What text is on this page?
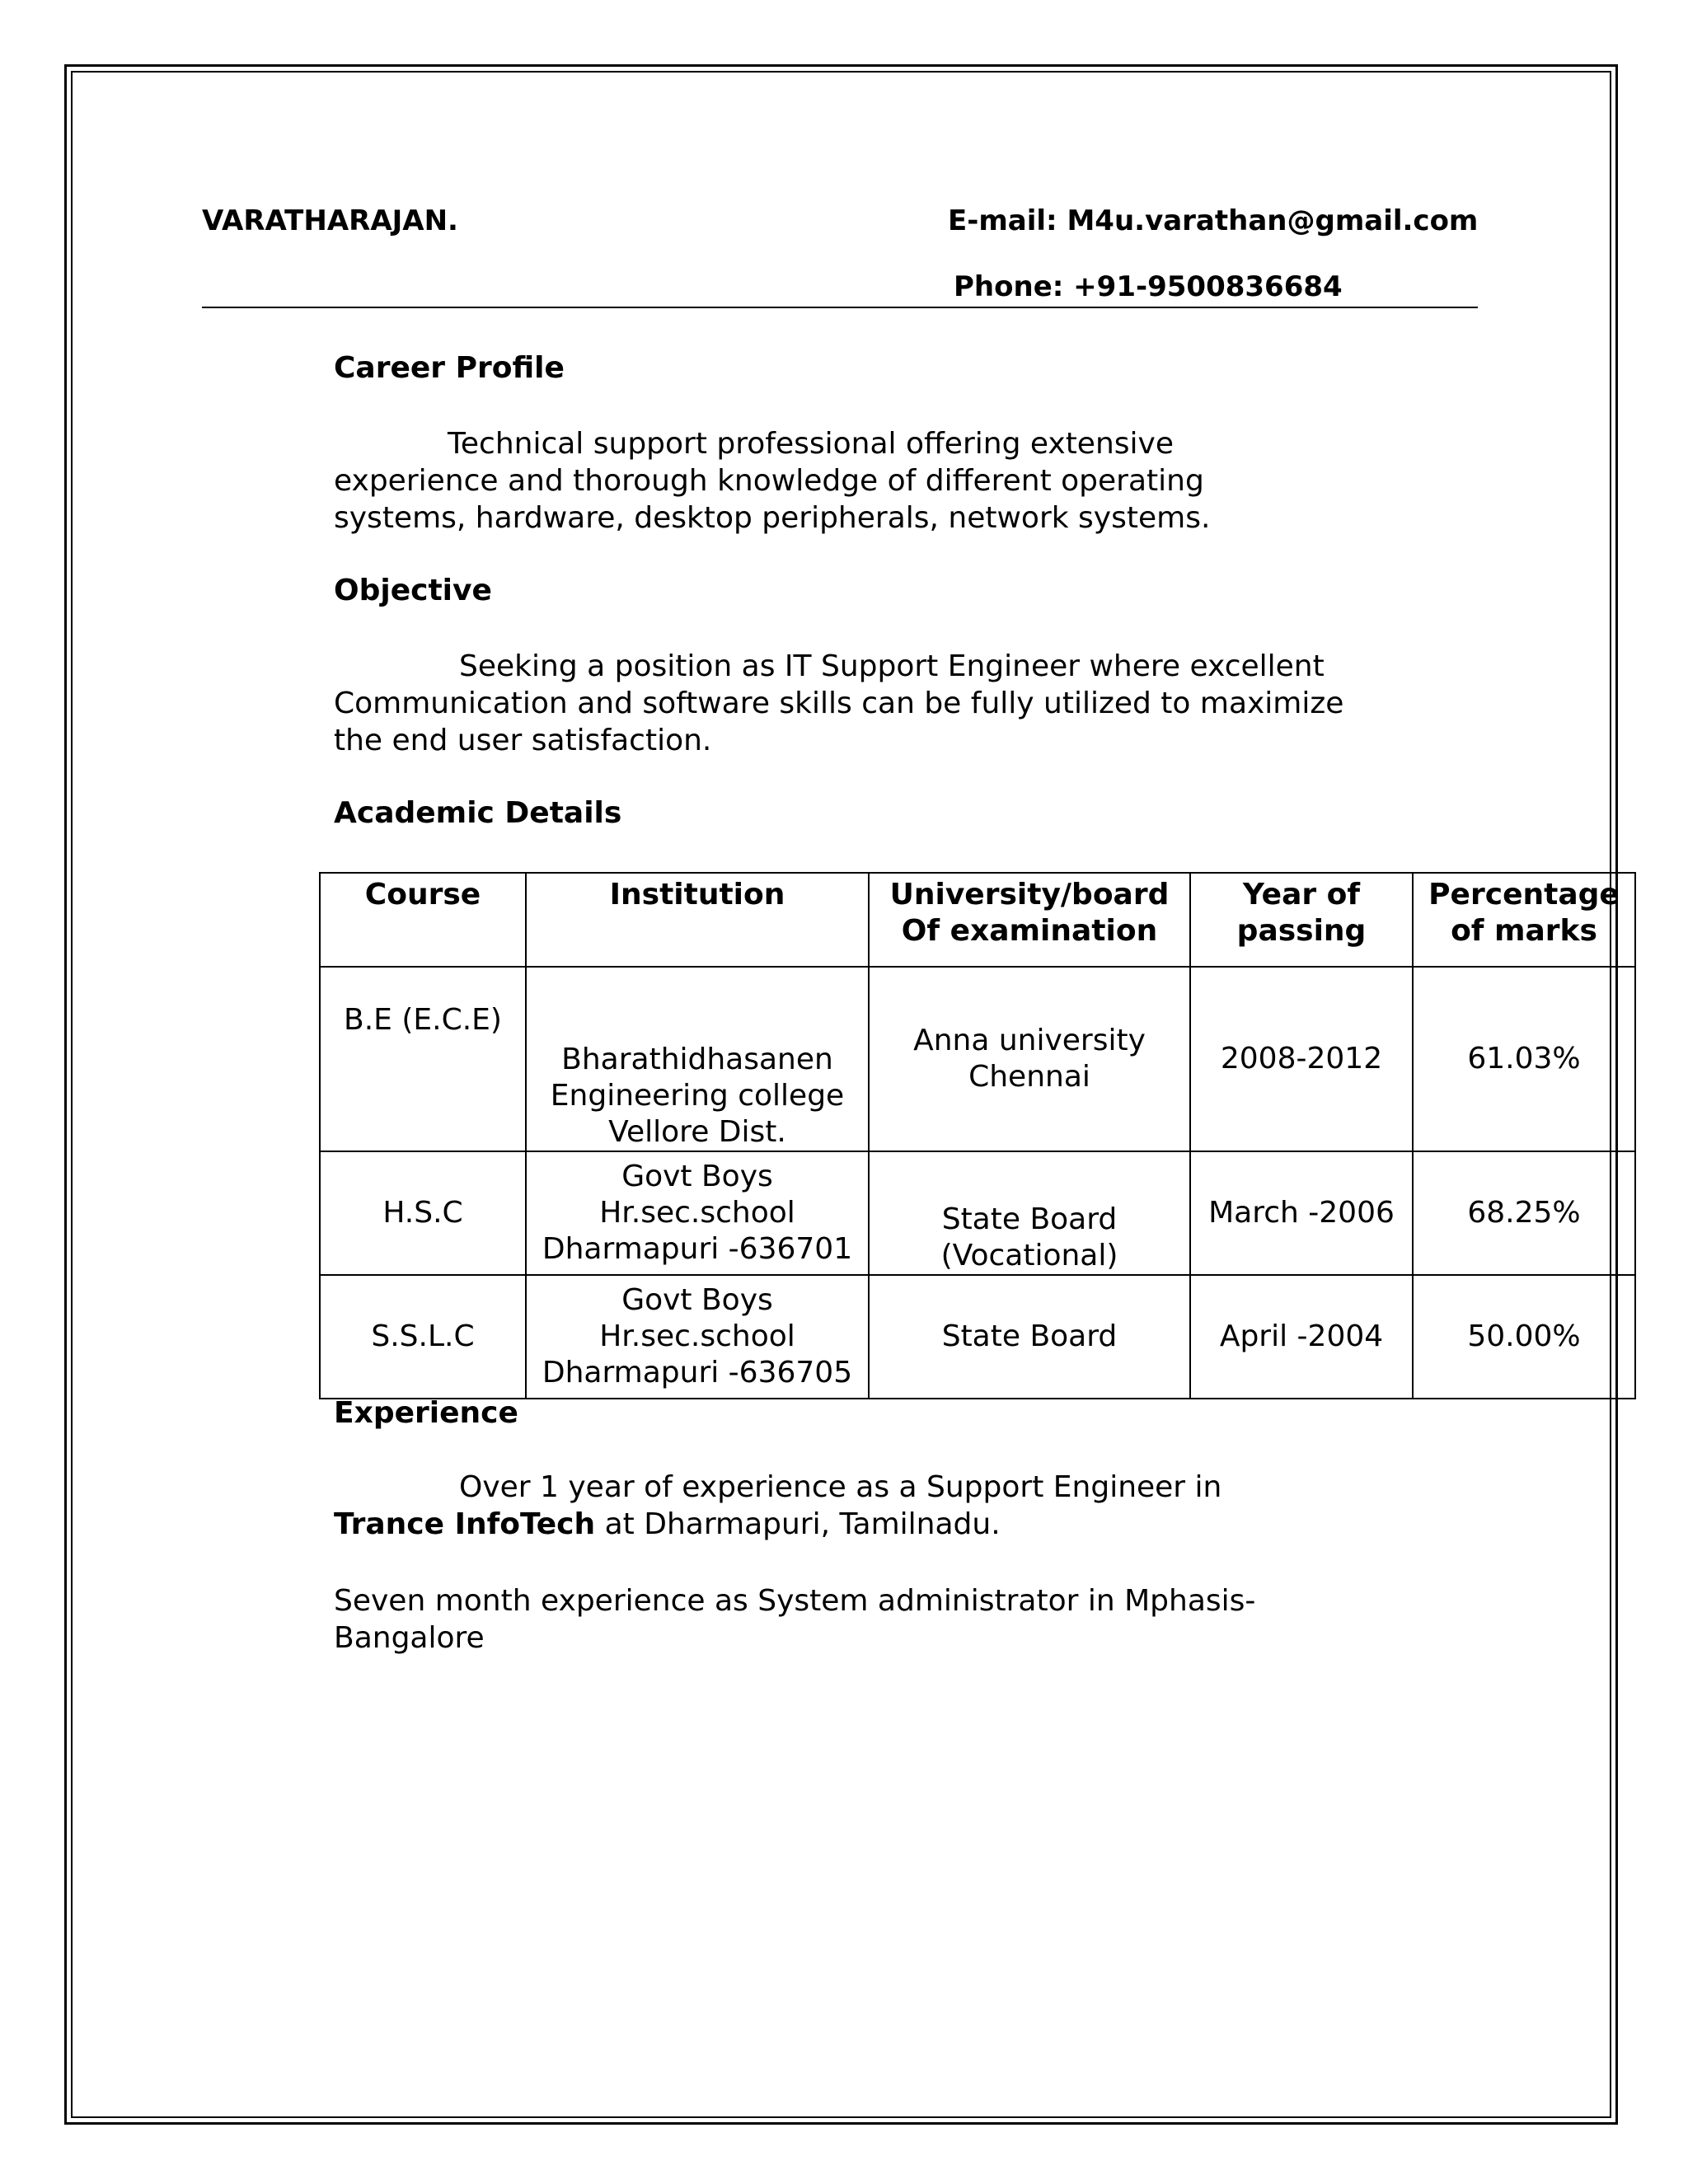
VARATHARAJAN.	E-mail: M4u.varathan@gmail.com
Phone: +91-9500836684
Career Profile
Technical support professional offering extensive experience and thorough knowledge of different operating systems, hardware, desktop peripherals, network systems.
Objective
Seeking a position as IT Support Engineer where excellent Communication and software skills can be fully utilized to maximize the end user satisfaction.
Academic Details
Course	Institution	University/board Of examination	Year of passing	Percentage of marks
B.E (E.C.E)	Bharathidhasanen Engineering college Vellore Dist.	Anna university Chennai	2008-2012	61.03%
H.S.C	Govt Boys Hr.sec.school Dharmapuri -636701	State Board (Vocational)	March -2006	68.25%
S.S.L.C	Govt Boys Hr.sec.school Dharmapuri -636705	State Board	April -2004	50.00%
Experience
Over 1 year of experience as a Support Engineer in
Trance InfoTech at Dharmapuri, Tamilnadu.
Seven month experience as System administrator in Mphasis-Bangalore
